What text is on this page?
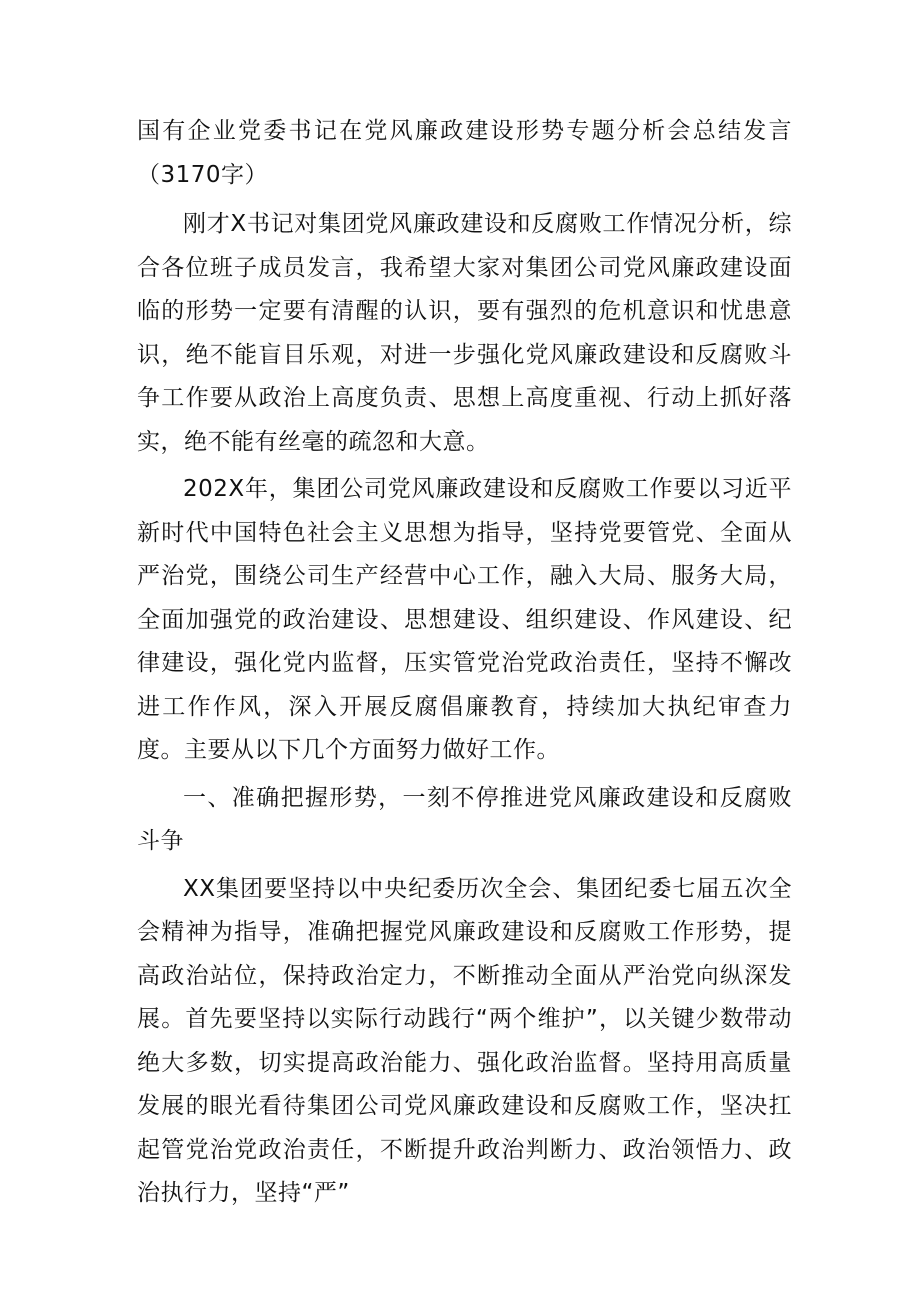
国有企业党委书记在党风廉政建设形势专题分析会总结发言（3170字）

刚才X书记对集团党风廉政建设和反腐败工作情况分析，综合各位班子成员发言，我希望大家对集团公司党风廉政建设面临的形势一定要有清醒的认识，要有强烈的危机意识和忧患意识，绝不能盲目乐观，对进一步强化党风廉政建设和反腐败斗争工作要从政治上高度负责、思想上高度重视、行动上抓好落实，绝不能有丝毫的疏忽和大意。

202X年，集团公司党风廉政建设和反腐败工作要以习近平新时代中国特色社会主义思想为指导，坚持党要管党、全面从严治党，围绕公司生产经营中心工作，融入大局、服务大局，全面加强党的政治建设、思想建设、组织建设、作风建设、纪律建设，强化党内监督，压实管党治党政治责任，坚持不懈改进工作作风，深入开展反腐倡廉教育，持续加大执纪审查力度。主要从以下几个方面努力做好工作。

一、准确把握形势，一刻不停推进党风廉政建设和反腐败斗争

XX集团要坚持以中央纪委历次全会、集团纪委七届五次全会精神为指导，准确把握党风廉政建设和反腐败工作形势，提高政治站位，保持政治定力，不断推动全面从严治党向纵深发展。首先要坚持以实际行动践行“两个维护”，以关键少数带动绝大多数，切实提高政治能力、强化政治监督。坚持用高质量发展的眼光看待集团公司党风廉政建设和反腐败工作，坚决扛起管党治党政治责任，不断提升政治判断力、政治领悟力、政治执行力，坚持“严”
